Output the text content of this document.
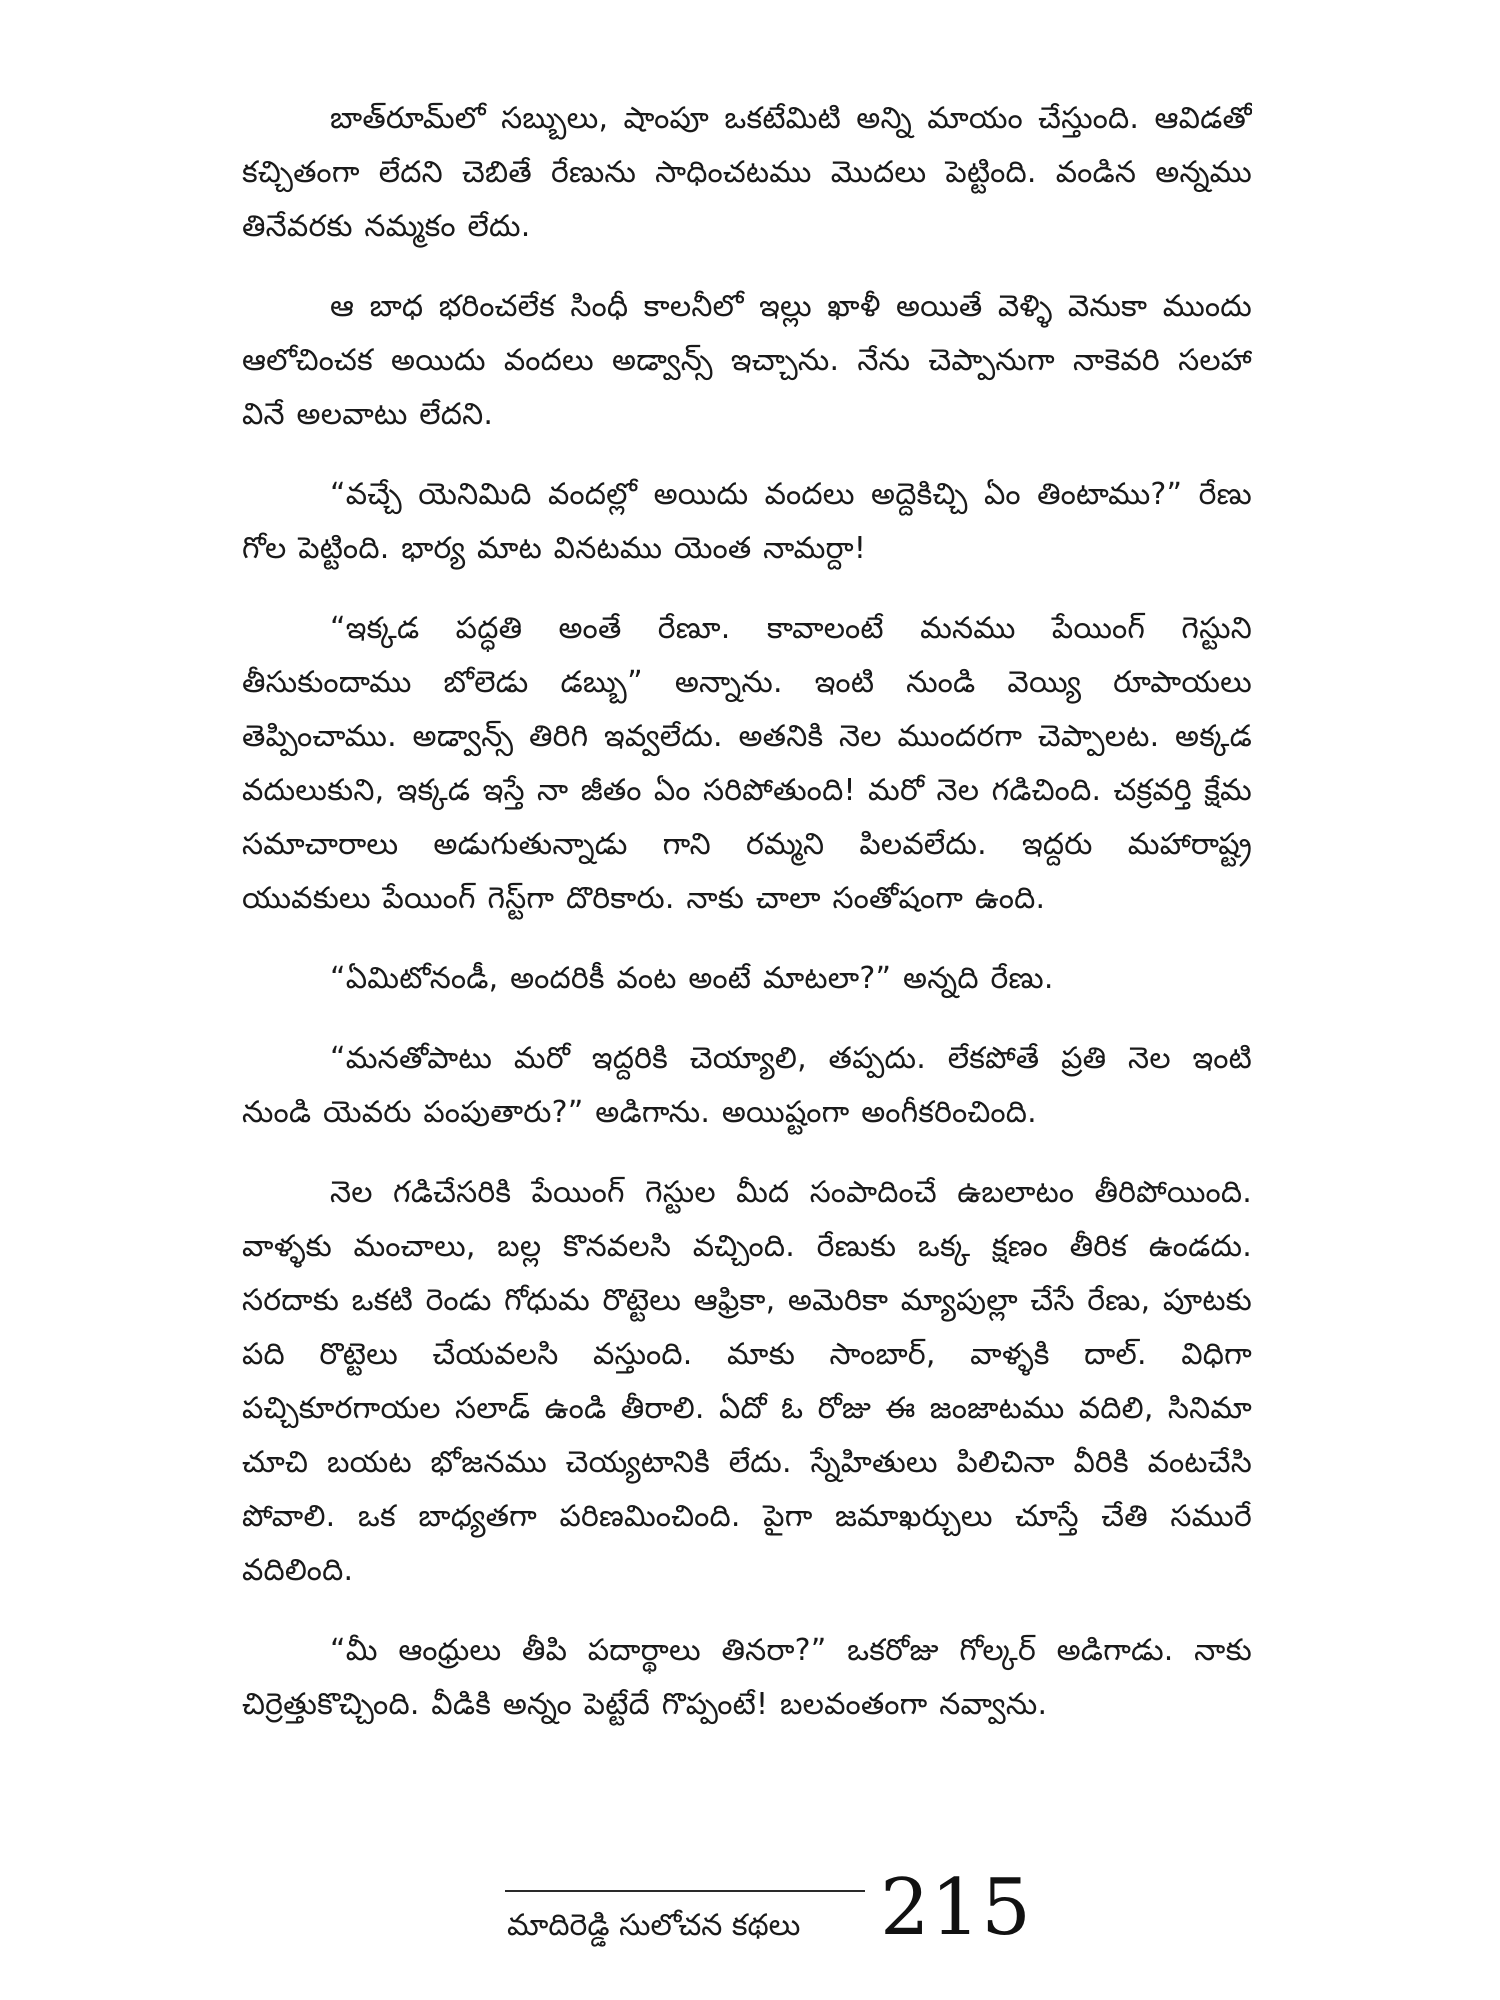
బాత్‌రూమ్‌లో సబ్బులు, షాంపూ ఒకటేమిటి అన్ని మాయం చేస్తుంది. ఆవిడతో కచ్చితంగా లేదని చెబితే రేణును సాధించటము మొదలు పెట్టింది. వండిన అన్నము తినేవరకు నమ్మకం లేదు.

ఆ బాధ భరించలేక సింధీ కాలనీలో ఇల్లు ఖాళీ అయితే వెళ్ళి వెనుకా ముందు ఆలోచించక అయిదు వందలు అడ్వాన్స్ ఇచ్చాను. నేను చెప్పానుగా నాకెవరి సలహా వినే అలవాటు లేదని.

“వచ్చే యెనిమిది వందల్లో అయిదు వందలు అద్దెకిచ్చి ఏం తింటాము?” రేణు గోల పెట్టింది. భార్య మాట వినటము యెంత నామర్దా!

“ఇక్కడ పద్ధతి అంతే రేణూ. కావాలంటే మనము పేయింగ్ గెస్టుని తీసుకుందాము బోలెడు డబ్బు” అన్నాను. ఇంటి నుండి వెయ్యి రూపాయలు తెప్పించాము. అడ్వాన్స్ తిరిగి ఇవ్వలేదు. అతనికి నెల ముందరగా చెప్పాలట. అక్కడ వదులుకుని, ఇక్కడ ఇస్తే నా జీతం ఏం సరిపోతుంది! మరో నెల గడిచింది. చక్రవర్తి క్షేమ సమాచారాలు అడుగుతున్నాడు గాని రమ్మని పిలవలేదు. ఇద్దరు మహారాష్ట్ర యువకులు పేయింగ్ గెస్ట్‌గా దొరికారు. నాకు చాలా సంతోషంగా ఉంది.

“ఏమిటోనండీ, అందరికీ వంట అంటే మాటలా?” అన్నది రేణు.

“మనతోపాటు మరో ఇద్దరికి చెయ్యాలి, తప్పదు. లేకపోతే ప్రతి నెల ఇంటి నుండి యెవరు పంపుతారు?” అడిగాను. అయిష్టంగా అంగీకరించింది.

నెల గడిచేసరికి పేయింగ్ గెస్టుల మీద సంపాదించే ఉబలాటం తీరిపోయింది. వాళ్ళకు మంచాలు, బల్ల కొనవలసి వచ్చింది. రేణుకు ఒక్క క్షణం తీరిక ఉండదు. సరదాకు ఒకటి రెండు గోధుమ రొట్టెలు ఆఫ్రికా, అమెరికా మ్యాపుల్లా చేసే రేణు, పూటకు పది రొట్టెలు చేయవలసి వస్తుంది. మాకు సాంబార్, వాళ్ళకి దాల్. విధిగా పచ్చికూరగాయల సలాడ్ ఉండి తీరాలి. ఏదో ఓ రోజు ఈ జంజాటము వదిలి, సినిమా చూచి బయట భోజనము చెయ్యటానికి లేదు. స్నేహితులు పిలిచినా వీరికి వంటచేసి పోవాలి. ఒక బాధ్యతగా పరిణమించింది. పైగా జమాఖర్చులు చూస్తే చేతి సమురే వదిలింది.

“మీ ఆంధ్రులు తీపి పదార్థాలు తినరా?” ఒకరోజు గోల్కర్ అడిగాడు. నాకు చిర్రెత్తుకొచ్చింది. వీడికి అన్నం పెట్టేదే గొప్పంటే! బలవంతంగా నవ్వాను.

మాదిరెడ్డి సులోచన కథలు	215
